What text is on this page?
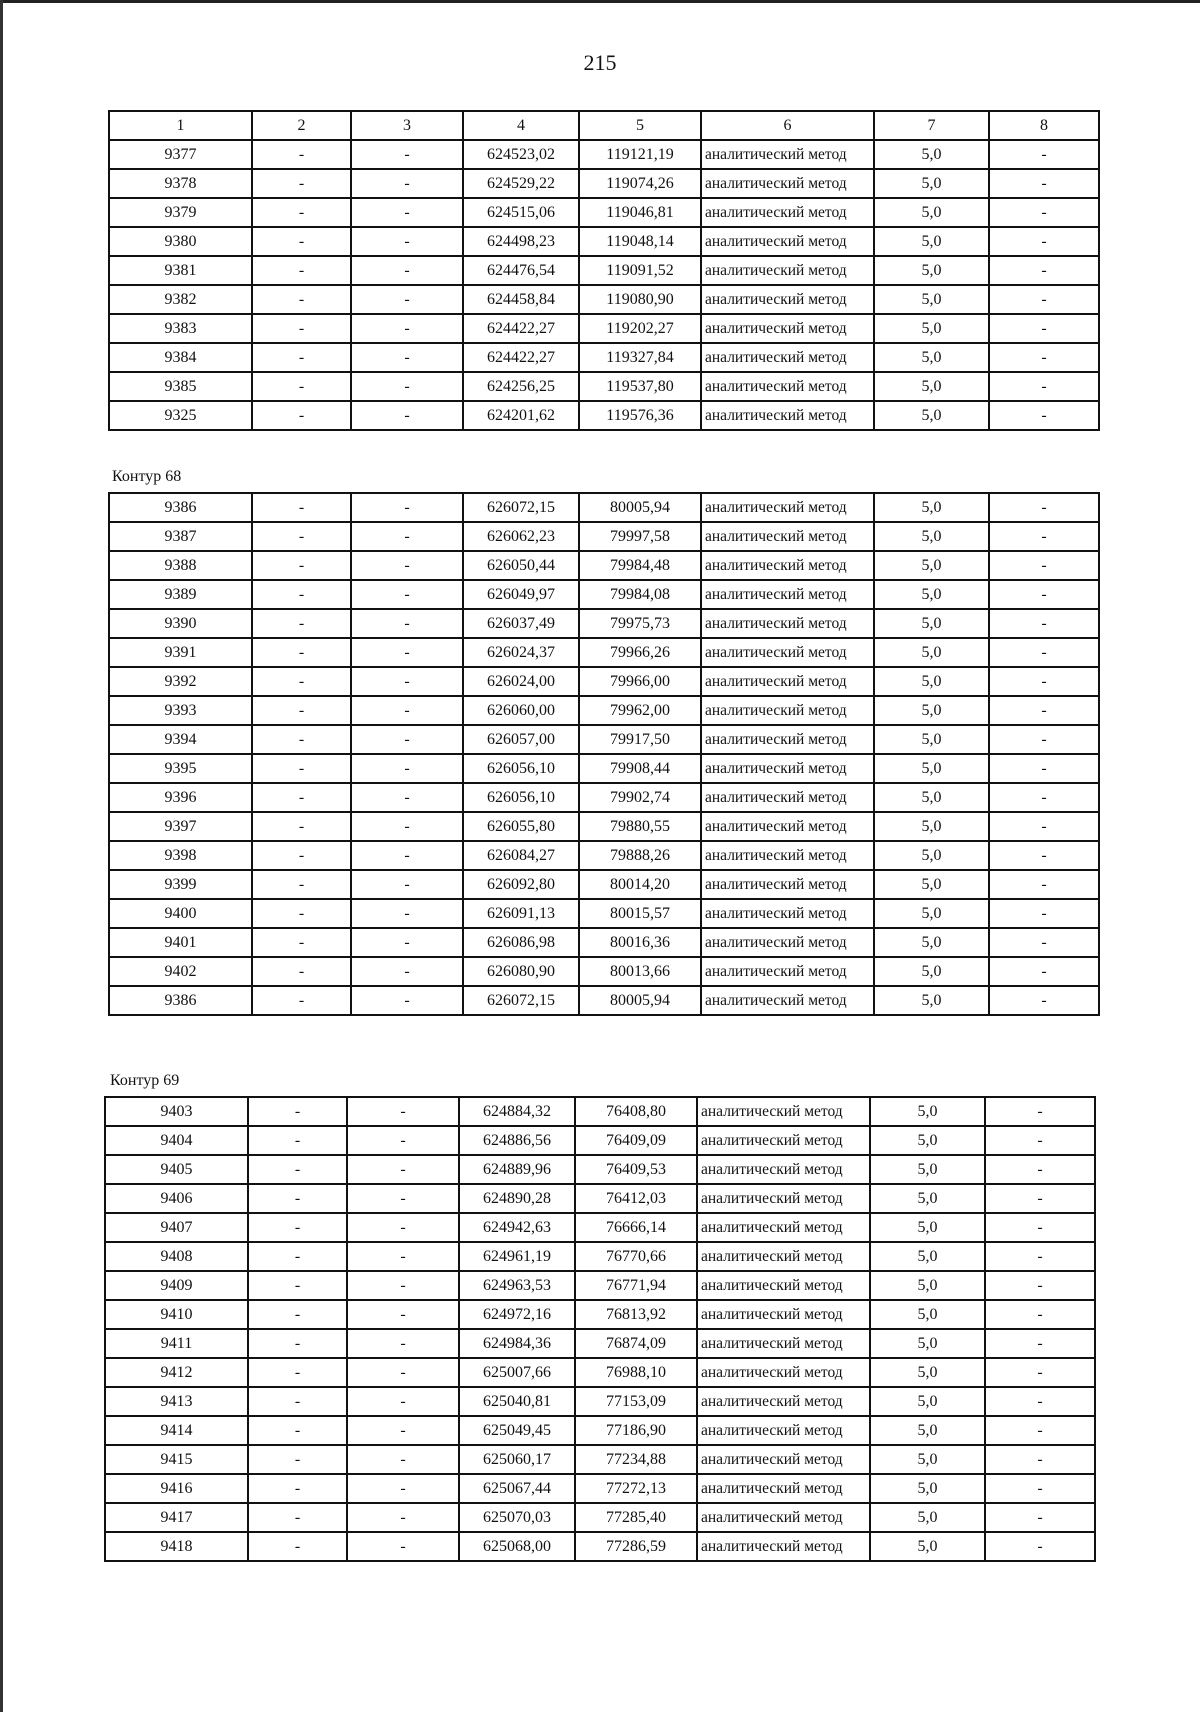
215
1	2	3	4	5	6	7	8
9377	-	-	624523,02	119121,19	аналитический метод	5,0	-
9378	-	-	624529,22	119074,26	аналитический метод	5,0	-
9379	-	-	624515,06	119046,81	аналитический метод	5,0	-
9380	-	-	624498,23	119048,14	аналитический метод	5,0	-
9381	-	-	624476,54	119091,52	аналитический метод	5,0	-
9382	-	-	624458,84	119080,90	аналитический метод	5,0	-
9383	-	-	624422,27	119202,27	аналитический метод	5,0	-
9384	-	-	624422,27	119327,84	аналитический метод	5,0	-
9385	-	-	624256,25	119537,80	аналитический метод	5,0	-
9325	-	-	624201,62	119576,36	аналитический метод	5,0	-
Контур 68
9386	-	-	626072,15	80005,94	аналитический метод	5,0	-
9387	-	-	626062,23	79997,58	аналитический метод	5,0	-
9388	-	-	626050,44	79984,48	аналитический метод	5,0	-
9389	-	-	626049,97	79984,08	аналитический метод	5,0	-
9390	-	-	626037,49	79975,73	аналитический метод	5,0	-
9391	-	-	626024,37	79966,26	аналитический метод	5,0	-
9392	-	-	626024,00	79966,00	аналитический метод	5,0	-
9393	-	-	626060,00	79962,00	аналитический метод	5,0	-
9394	-	-	626057,00	79917,50	аналитический метод	5,0	-
9395	-	-	626056,10	79908,44	аналитический метод	5,0	-
9396	-	-	626056,10	79902,74	аналитический метод	5,0	-
9397	-	-	626055,80	79880,55	аналитический метод	5,0	-
9398	-	-	626084,27	79888,26	аналитический метод	5,0	-
9399	-	-	626092,80	80014,20	аналитический метод	5,0	-
9400	-	-	626091,13	80015,57	аналитический метод	5,0	-
9401	-	-	626086,98	80016,36	аналитический метод	5,0	-
9402	-	-	626080,90	80013,66	аналитический метод	5,0	-
9386	-	-	626072,15	80005,94	аналитический метод	5,0	-
Контур 69
9403	-	-	624884,32	76408,80	аналитический метод	5,0	-
9404	-	-	624886,56	76409,09	аналитический метод	5,0	-
9405	-	-	624889,96	76409,53	аналитический метод	5,0	-
9406	-	-	624890,28	76412,03	аналитический метод	5,0	-
9407	-	-	624942,63	76666,14	аналитический метод	5,0	-
9408	-	-	624961,19	76770,66	аналитический метод	5,0	-
9409	-	-	624963,53	76771,94	аналитический метод	5,0	-
9410	-	-	624972,16	76813,92	аналитический метод	5,0	-
9411	-	-	624984,36	76874,09	аналитический метод	5,0	-
9412	-	-	625007,66	76988,10	аналитический метод	5,0	-
9413	-	-	625040,81	77153,09	аналитический метод	5,0	-
9414	-	-	625049,45	77186,90	аналитический метод	5,0	-
9415	-	-	625060,17	77234,88	аналитический метод	5,0	-
9416	-	-	625067,44	77272,13	аналитический метод	5,0	-
9417	-	-	625070,03	77285,40	аналитический метод	5,0	-
9418	-	-	625068,00	77286,59	аналитический метод	5,0	-
